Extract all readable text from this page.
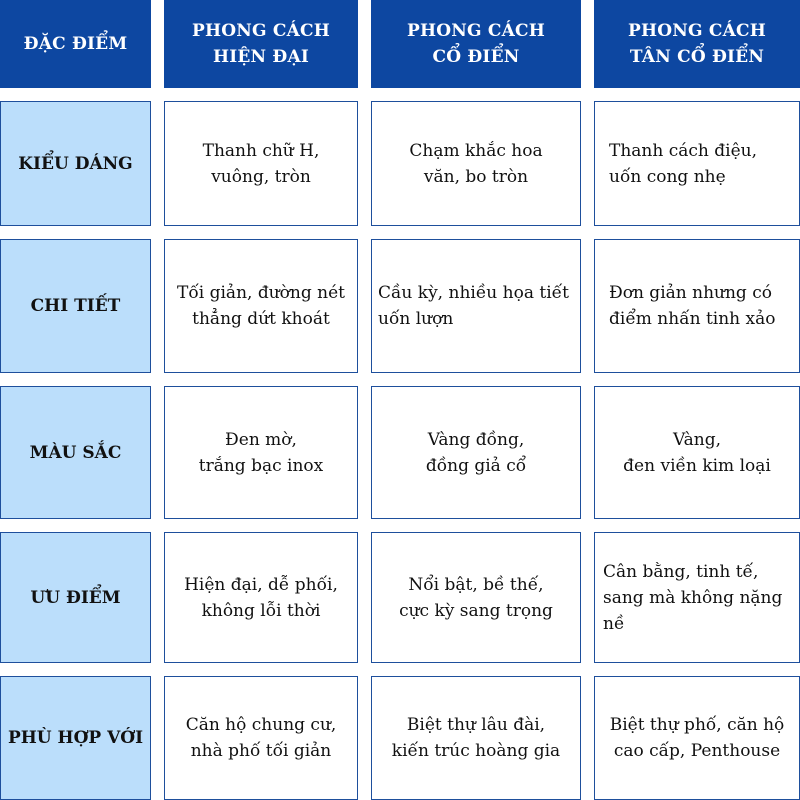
ĐẶC ĐIỂM
PHONG CÁCH
HIỆN ĐẠI
PHONG CÁCH
CỔ ĐIỂN
PHONG CÁCH
TÂN CỔ ĐIỂN
KIỂU DÁNG
Thanh chữ H,
vuông, tròn
Chạm khắc hoa
văn, bo tròn
Thanh cách điệu,
uốn cong nhẹ
CHI TIẾT
Tối giản, đường nét
thẳng dứt khoát
Cầu kỳ, nhiều họa tiết
uốn lượn
Đơn giản nhưng có
điểm nhấn tinh xảo
MÀU SẮC
Đen mờ,
trắng bạc inox
Vàng đồng,
đồng giả cổ
Vàng,
đen viền kim loại
ƯU ĐIỂM
Hiện đại, dễ phối,
không lỗi thời
Nổi bật, bề thế,
cực kỳ sang trọng
Cân bằng, tinh tế,
sang mà không nặng
nề
PHÙ HỢP VỚI
Căn hộ chung cư,
nhà phố tối giản
Biệt thự lâu đài,
kiến trúc hoàng gia
Biệt thự phố, căn hộ
cao cấp, Penthouse
